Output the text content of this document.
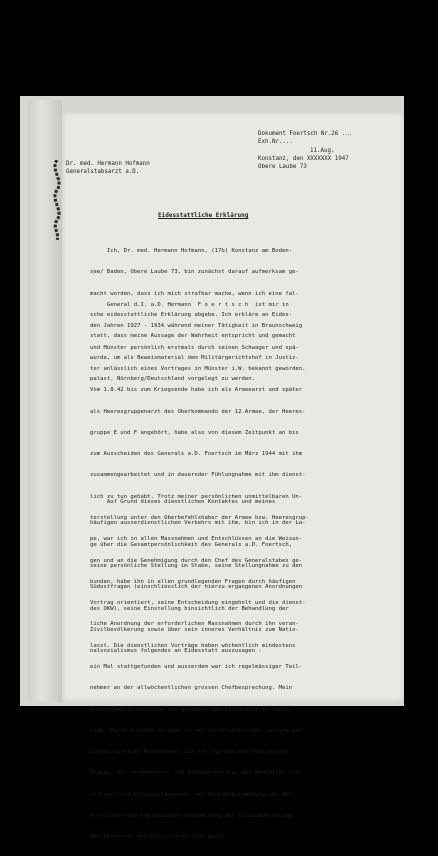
Dokument Foertsch Nr.26 ...
Exh.Nr....
11.Aug.
Konstanz, den XXXXXXX 1947
Obere Laube 73
Dr. med. Hermann Hofmann
Generalstabsarzt a.D.
Eidesstattliche Erklärung

Ich, Dr. med. Hermann Hofmann, (17b) Konstanz am Boden-

see/ Baden, Obere Laube 73, bin zunächst darauf aufmerksam ge-

macht worden, dass ich mich strafbar mache, wenn ich eine fal-

sche eidesstattliche Erklärung abgebe. Ich erkläre an Eides-

statt, dass meine Aussage der Wahrheit entspricht und gemacht

wurde, um als Beweismaterial dem Militärgerichtshof in Justiz-

palast, Nürnberg/Deutschland vorgelegt zu werden.

General d.I. a.D. Hermann  F o e r t s c h  ist mir in

den Jahren 1927 - 1934 während meiner Tätigkeit in Braunschweig

und Münster persönlich erstmals durch seinen Schwager und spä-

ter anlässlich eines Vortrages in Münster i.W. bekannt geworden.

Vom 1.8.42 bis zum Kriegsende habe ich als Armeearzt und später

als Heeresgruppenarzt des Oberkommando der 12.Armee, der Heeres-

gruppe E und F angehört, habe also von diesem Zeitpunkt an bis

zum Ausscheiden des Generals a.D. Foertsch im März 1944 mit ihm

zusammengearbeitet und in dauernder Fühlungnahme mit ihm dienst-

lich zu tun gehabt. Trotz meiner persönlichen unmittelbaren Un-

terstellung unter den Oberbefehlshaber der Armee bzw. Heeresgrup-

pe, war ich in allen Massnahmen und Entschlüssen an die Weisun-

gen und an die Genehmigung durch den Chef des Generalstabes ge-

bunden, habe ihn in allen grundlegenden Fragen durch häufigen

Vortrag orientiert, seine Entscheidung eingeholt und die dienst-

liche Anordnung der erforderlichen Massnahmen durch ihn veran-

lasst. Die dienstlichen Vorträge haben wöchentlich mindestens

ein Mal stattgefunden und ausserdem war ich regelmässiger Teil-

nehmer an der allwöchentlichen grossen Chefbesprechung. Mein

Arbeitsgebiet umfasste den gesamten Sanitätsdienst im Südost-

raum. Meine Aufgabe bestand in der verantwortlichen Leitung und

Steuerung aller Massnahmen, die für die Gesunderhaltung der

Truppe, der Verwundeten- und Krankenfürsorge der Wehrmacht ein-

schliesslich Kriegsgefangenen, der Seuchenbekämpfung und der

ärztlichen und hygienischen Überwachung der Zivilbevölkerung

der besetzten Gebiete erforderlich waren.

Auf Grund dieses dienstlichen Kontaktes und meines

häufigen ausserdienstlichen Verkehrs mit ihm, bin ich in der La-

ge über die Gesamtpersönlichkeit des Generals a.D. Foertsch,

seine persönliche Stellung im Stabe, seine Stellungnahme zu den

Südostfragen (einschliesslich der hierzu ergangenen Anordnungen

des OKW), seine Einstellung hinsichtlich der Behandlung der

Zivilbevölkerung sowie über sein inneres Verhältnis zum Natio-

nalsozialismus folgendes an Eidesstatt auszusagen :
